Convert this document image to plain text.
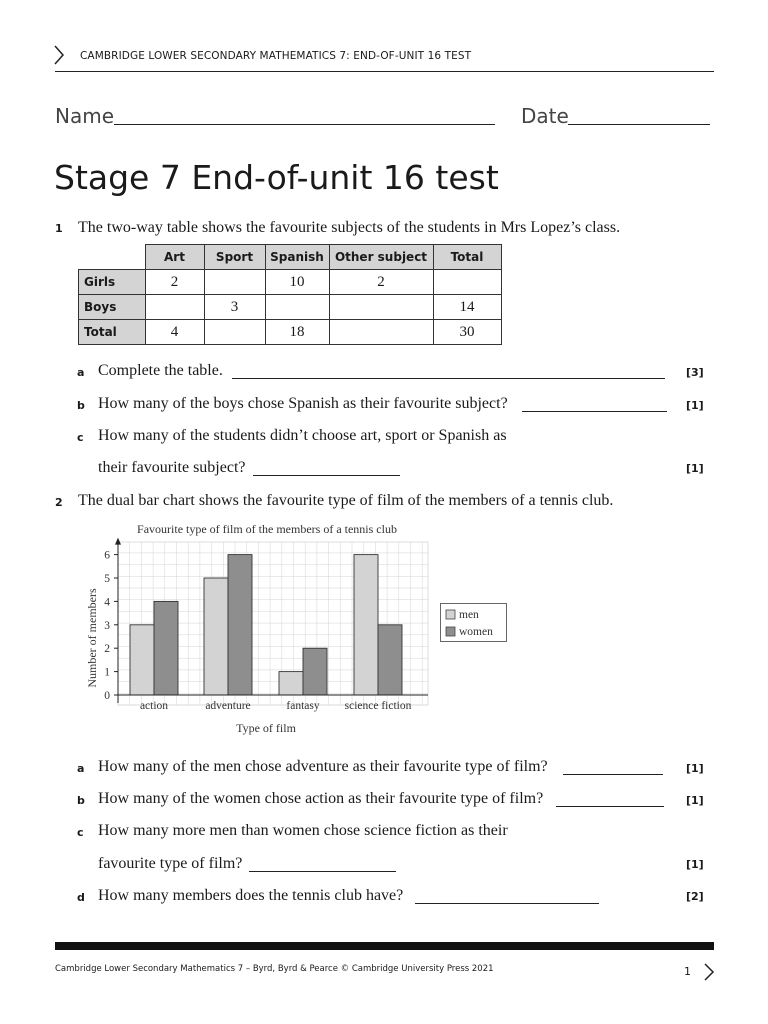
CAMBRIDGE LOWER SECONDARY MATHEMATICS 7: END-OF-UNIT 16 TEST
Name	Date
Stage 7 End-of-unit 16 test
1 The two-way table shows the favourite subjects of the students in Mrs Lopez’s class.
	Art	Sport	Spanish	Other subject	Total
Girls	2		10	2	
Boys		3			14
Total	4		18		30
a Complete the table.	[3]
b How many of the boys chose Spanish as their favourite subject?	[1]
c How many of the students didn’t choose art, sport or Spanish as
their favourite subject?	[1]
2 The dual bar chart shows the favourite type of film of the members of a tennis club.
Favourite type of film of the members of a tennis club
action	adventure	fantasy science fiction
0
1
2
3
4
5
6
Number of members
Type of film
men
women
a How many of the men chose adventure as their favourite type of film?	[1]
b How many of the women chose action as their favourite type of film?	[1]
c How many more men than women chose science fiction as their
favourite type of film?	[1]
d How many members does the tennis club have?	[2]
Cambridge Lower Secondary Mathematics 7 – Byrd, Byrd & Pearce © Cambridge University Press 2021	1
